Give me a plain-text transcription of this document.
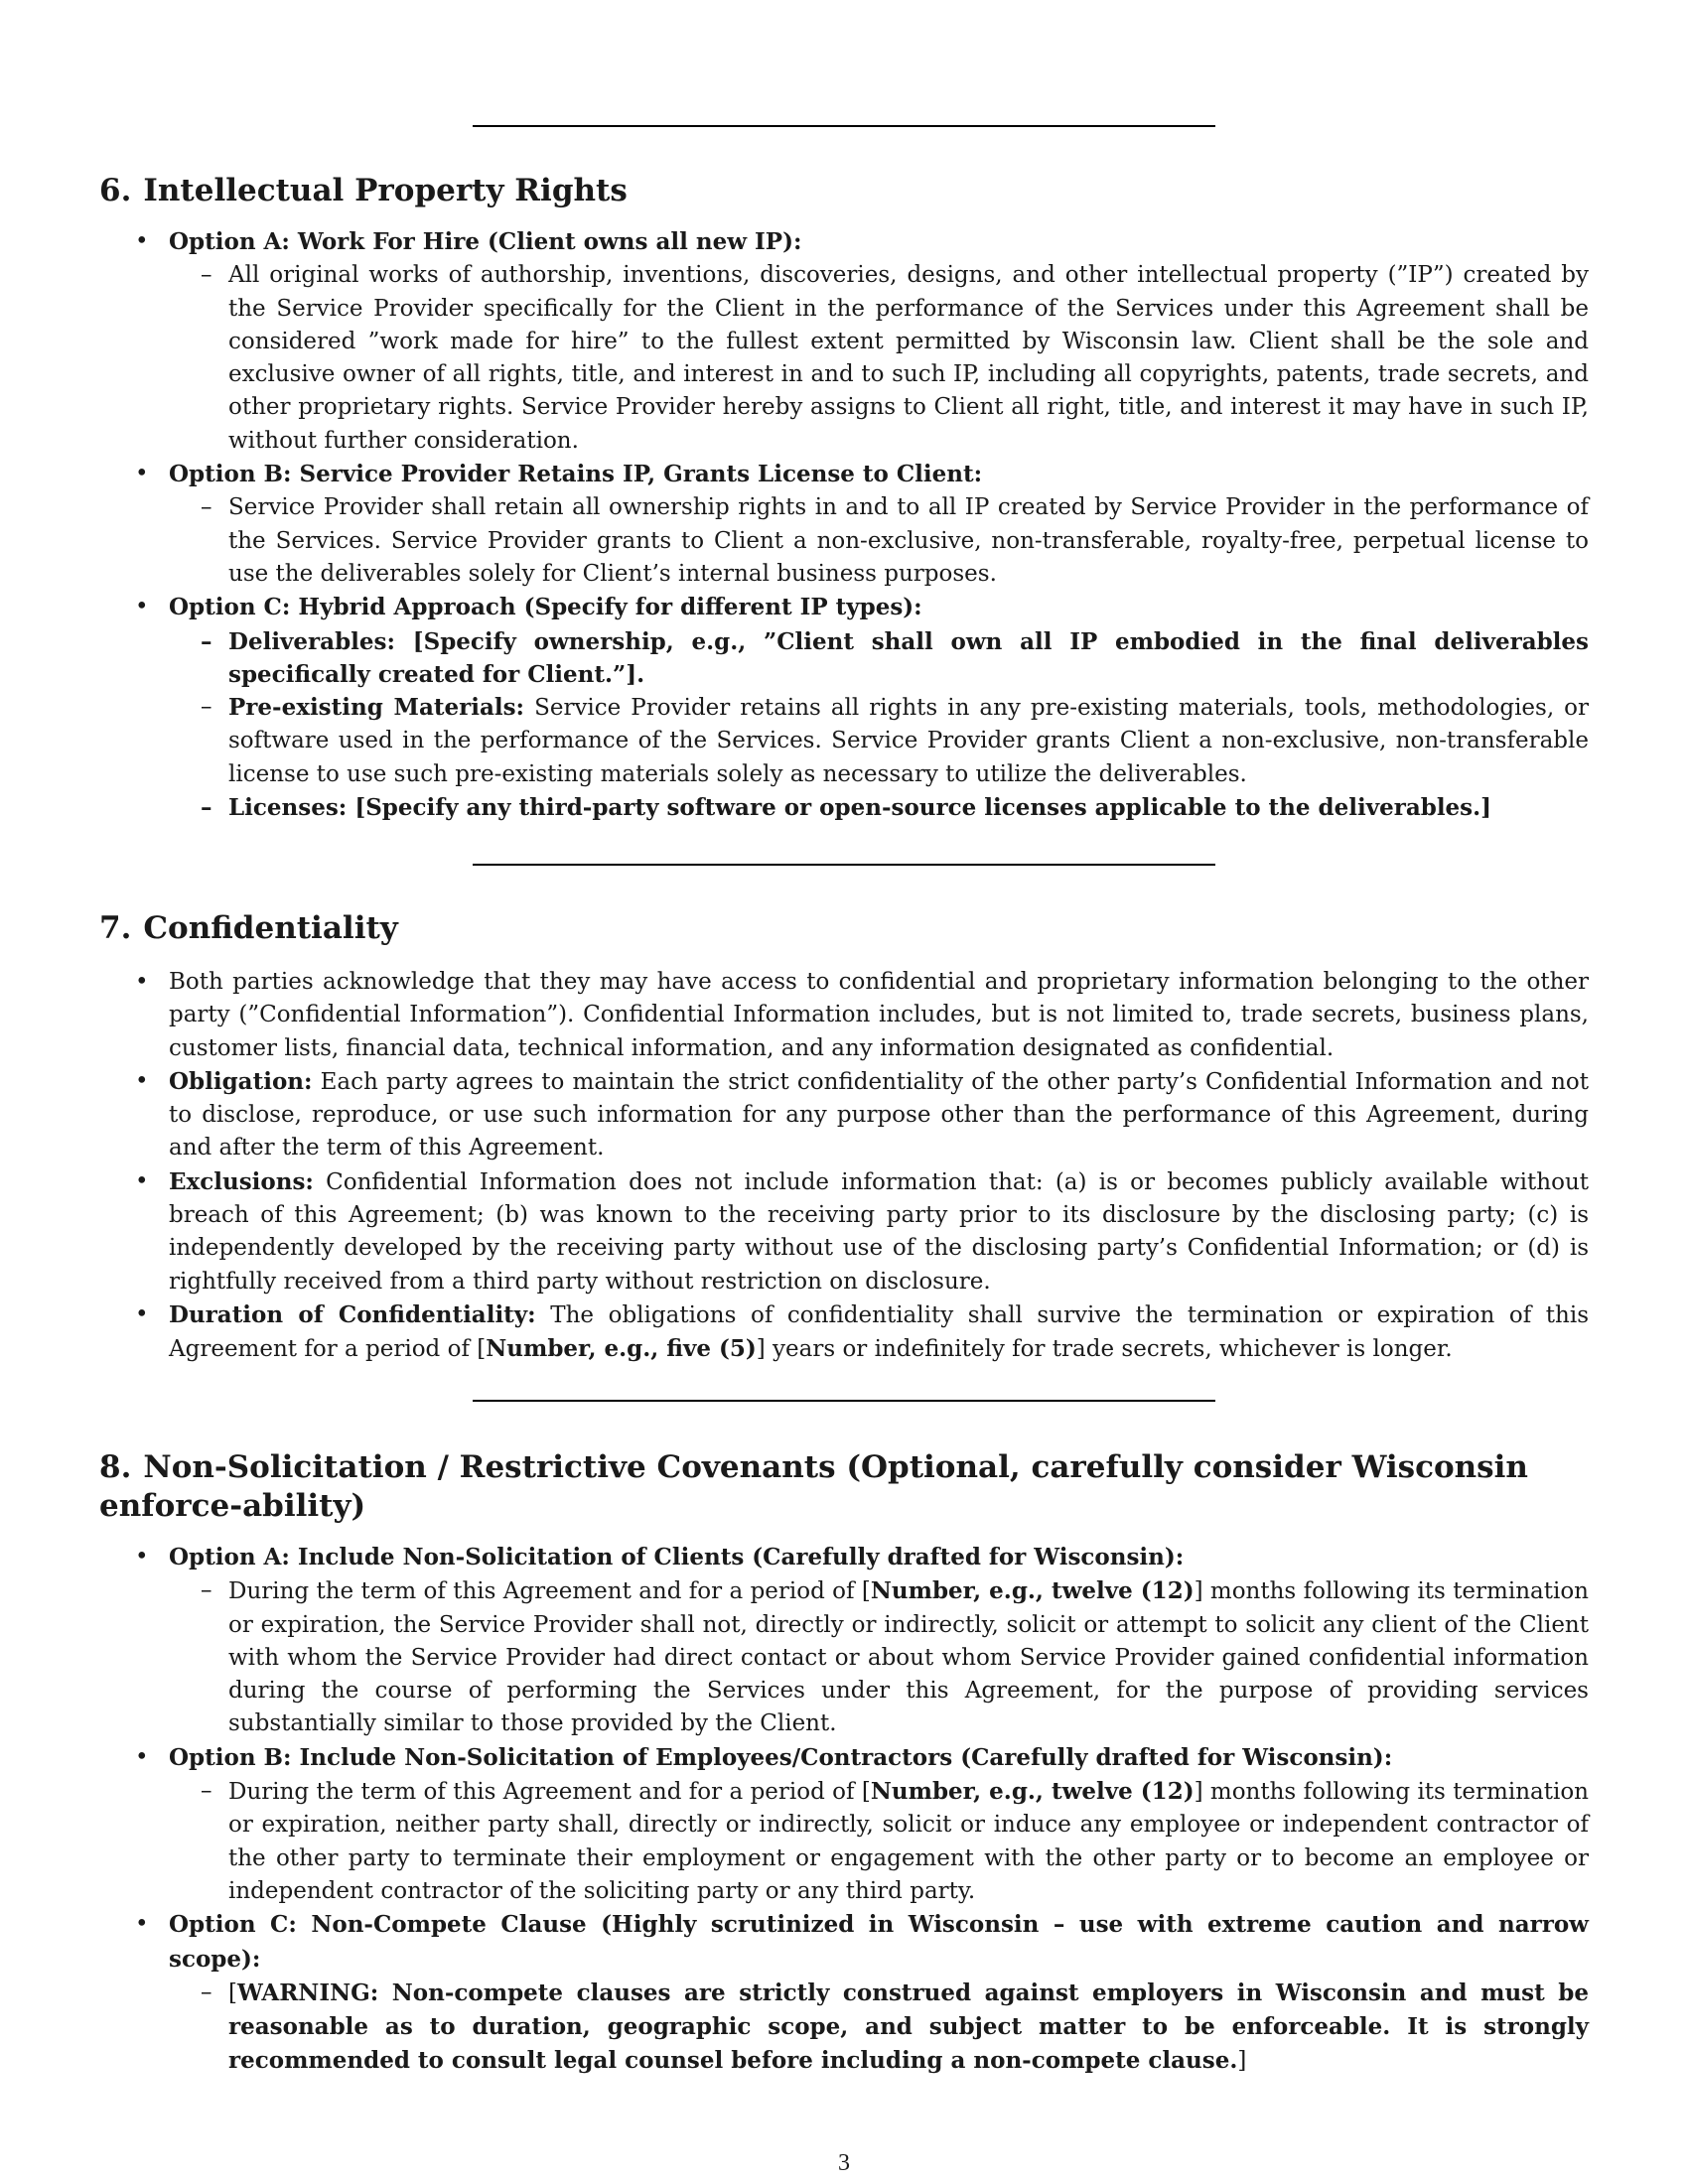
6. Intellectual Property Rights
• Option A: Work For Hire (Client owns all new IP):
– All original works of authorship, inventions, discoveries, designs, and other intellectual property (”IP”) created by the Service Provider specifically for the Client in the performance of the Services under this Agreement shall be considered ”work made for hire” to the fullest extent permitted by Wisconsin law. Client shall be the sole and exclusive owner of all rights, title, and interest in and to such IP, including all copyrights, patents, trade secrets, and other proprietary rights. Service Provider hereby assigns to Client all right, title, and interest it may have in such IP, without further consideration.
• Option B: Service Provider Retains IP, Grants License to Client:
– Service Provider shall retain all ownership rights in and to all IP created by Service Provider in the performance of the Services. Service Provider grants to Client a non-exclusive, non-transferable, royalty-free, perpetual license to use the deliverables solely for Client’s internal business purposes.
• Option C: Hybrid Approach (Specify for different IP types):
– Deliverables: [Specify ownership, e.g., ”Client shall own all IP embodied in the final deliverables specifically created for Client.”].
– Pre-existing Materials: Service Provider retains all rights in any pre-existing materials, tools, methodologies, or software used in the performance of the Services. Service Provider grants Client a non-exclusive, non-transferable license to use such pre-existing materials solely as necessary to utilize the deliverables.
– Licenses: [Specify any third-party software or open-source licenses applicable to the deliverables.]
7. Confidentiality
• Both parties acknowledge that they may have access to confidential and proprietary information belonging to the other party (”Confidential Information”). Confidential Information includes, but is not limited to, trade secrets, business plans, customer lists, financial data, technical information, and any information designated as confidential.
• Obligation: Each party agrees to maintain the strict confidentiality of the other party’s Confidential Information and not to disclose, reproduce, or use such information for any purpose other than the performance of this Agreement, during and after the term of this Agreement.
• Exclusions: Confidential Information does not include information that: (a) is or becomes publicly available without breach of this Agreement; (b) was known to the receiving party prior to its disclosure by the disclosing party; (c) is independently developed by the receiving party without use of the disclosing party’s Confidential Information; or (d) is rightfully received from a third party without restriction on disclosure.
• Duration of Confidentiality: The obligations of confidentiality shall survive the termination or expiration of this Agreement for a period of [Number, e.g., five (5)] years or indefinitely for trade secrets, whichever is longer.
8. Non-Solicitation / Restrictive Covenants (Optional, carefully consider Wisconsin enforce-ability)
• Option A: Include Non-Solicitation of Clients (Carefully drafted for Wisconsin):
– During the term of this Agreement and for a period of [Number, e.g., twelve (12)] months following its termination or expiration, the Service Provider shall not, directly or indirectly, solicit or attempt to solicit any client of the Client with whom the Service Provider had direct contact or about whom Service Provider gained confidential information during the course of performing the Services under this Agreement, for the purpose of providing services substantially similar to those provided by the Client.
• Option B: Include Non-Solicitation of Employees/Contractors (Carefully drafted for Wisconsin):
– During the term of this Agreement and for a period of [Number, e.g., twelve (12)] months following its termination or expiration, neither party shall, directly or indirectly, solicit or induce any employee or independent contractor of the other party to terminate their employment or engagement with the other party or to become an employee or independent contractor of the soliciting party or any third party.
• Option C: Non-Compete Clause (Highly scrutinized in Wisconsin – use with extreme caution and narrow scope):
– [WARNING: Non-compete clauses are strictly construed against employers in Wisconsin and must be reasonable as to duration, geographic scope, and subject matter to be enforceable. It is strongly recommended to consult legal counsel before including a non-compete clause.]
3
